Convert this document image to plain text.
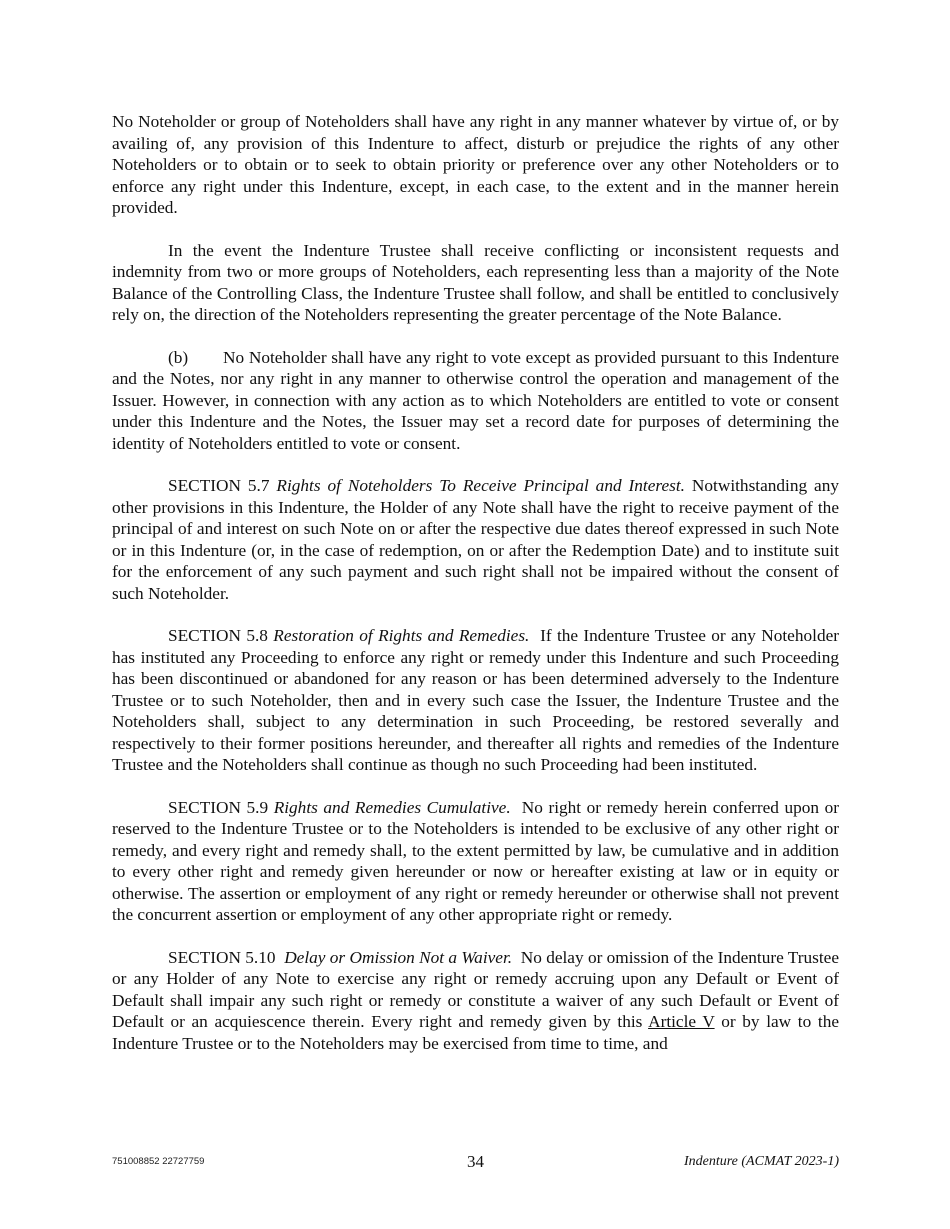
No Noteholder or group of Noteholders shall have any right in any manner whatever by virtue of, or by availing of, any provision of this Indenture to affect, disturb or prejudice the rights of any other Noteholders or to obtain or to seek to obtain priority or preference over any other Noteholders or to enforce any right under this Indenture, except, in each case, to the extent and in the manner herein provided.

In the event the Indenture Trustee shall receive conflicting or inconsistent requests and indemnity from two or more groups of Noteholders, each representing less than a majority of the Note Balance of the Controlling Class, the Indenture Trustee shall follow, and shall be entitled to conclusively rely on, the direction of the Noteholders representing the greater percentage of the Note Balance.

(b) No Noteholder shall have any right to vote except as provided pursuant to this Indenture and the Notes, nor any right in any manner to otherwise control the operation and management of the Issuer. However, in connection with any action as to which Noteholders are entitled to vote or consent under this Indenture and the Notes, the Issuer may set a record date for purposes of determining the identity of Noteholders entitled to vote or consent.

SECTION 5.7 Rights of Noteholders To Receive Principal and Interest. Notwithstanding any other provisions in this Indenture, the Holder of any Note shall have the right to receive payment of the principal of and interest on such Note on or after the respective due dates thereof expressed in such Note or in this Indenture (or, in the case of redemption, on or after the Redemption Date) and to institute suit for the enforcement of any such payment and such right shall not be impaired without the consent of such Noteholder.

SECTION 5.8 Restoration of Rights and Remedies. If the Indenture Trustee or any Noteholder has instituted any Proceeding to enforce any right or remedy under this Indenture and such Proceeding has been discontinued or abandoned for any reason or has been determined adversely to the Indenture Trustee or to such Noteholder, then and in every such case the Issuer, the Indenture Trustee and the Noteholders shall, subject to any determination in such Proceeding, be restored severally and respectively to their former positions hereunder, and thereafter all rights and remedies of the Indenture Trustee and the Noteholders shall continue as though no such Proceeding had been instituted.

SECTION 5.9 Rights and Remedies Cumulative. No right or remedy herein conferred upon or reserved to the Indenture Trustee or to the Noteholders is intended to be exclusive of any other right or remedy, and every right and remedy shall, to the extent permitted by law, be cumulative and in addition to every other right and remedy given hereunder or now or hereafter existing at law or in equity or otherwise. The assertion or employment of any right or remedy hereunder or otherwise shall not prevent the concurrent assertion or employment of any other appropriate right or remedy.

SECTION 5.10 Delay or Omission Not a Waiver. No delay or omission of the Indenture Trustee or any Holder of any Note to exercise any right or remedy accruing upon any Default or Event of Default shall impair any such right or remedy or constitute a waiver of any such Default or Event of Default or an acquiescence therein. Every right and remedy given by this Article V or by law to the Indenture Trustee or to the Noteholders may be exercised from time to time, and

751008852 22727759	34	Indenture (ACMAT 2023-1)
